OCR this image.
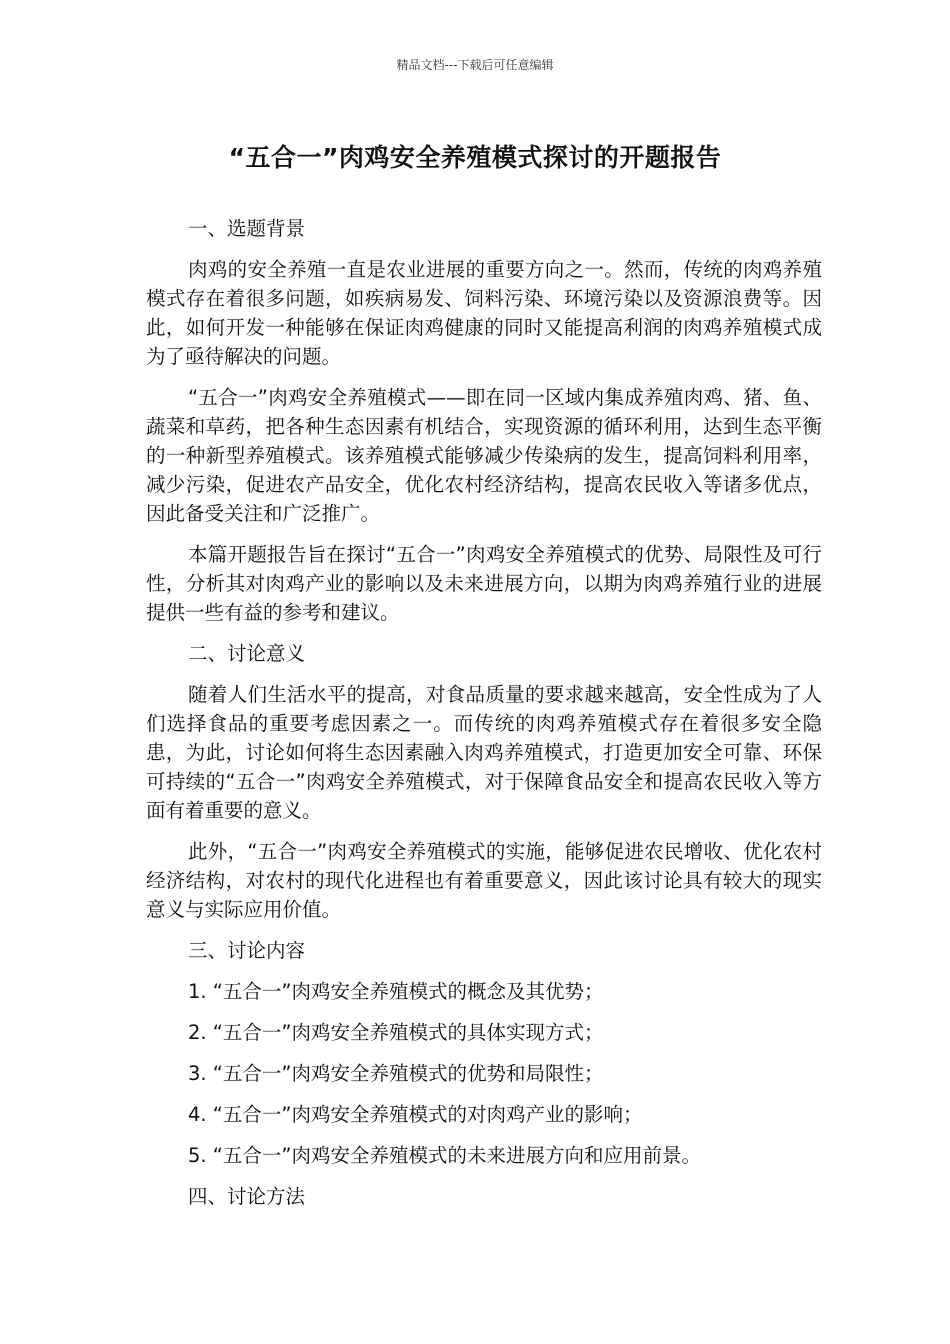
精品文档---下载后可任意编辑
“五合一”肉鸡安全养殖模式探讨的开题报告

一、选题背景

肉鸡的安全养殖一直是农业进展的重要方向之一。然而，传统的肉鸡养殖模式存在着很多问题，如疾病易发、饲料污染、环境污染以及资源浪费等。因此，如何开发一种能够在保证肉鸡健康的同时又能提高利润的肉鸡养殖模式成为了亟待解决的问题。

“五合一”肉鸡安全养殖模式——即在同一区域内集成养殖肉鸡、猪、鱼、蔬菜和草药，把各种生态因素有机结合，实现资源的循环利用，达到生态平衡的一种新型养殖模式。该养殖模式能够减少传染病的发生，提高饲料利用率，减少污染，促进农产品安全，优化农村经济结构，提高农民收入等诸多优点，因此备受关注和广泛推广。

本篇开题报告旨在探讨“五合一”肉鸡安全养殖模式的优势、局限性及可行性，分析其对肉鸡产业的影响以及未来进展方向，以期为肉鸡养殖行业的进展提供一些有益的参考和建议。

二、讨论意义

随着人们生活水平的提高，对食品质量的要求越来越高，安全性成为了人们选择食品的重要考虑因素之一。而传统的肉鸡养殖模式存在着很多安全隐患，为此，讨论如何将生态因素融入肉鸡养殖模式，打造更加安全可靠、环保可持续的“五合一”肉鸡安全养殖模式，对于保障食品安全和提高农民收入等方面有着重要的意义。

此外，“五合一”肉鸡安全养殖模式的实施，能够促进农民增收、优化农村经济结构，对农村的现代化进程也有着重要意义，因此该讨论具有较大的现实意义与实际应用价值。

三、讨论内容

1. “五合一”肉鸡安全养殖模式的概念及其优势；

2. “五合一”肉鸡安全养殖模式的具体实现方式；

3. “五合一”肉鸡安全养殖模式的优势和局限性；

4. “五合一”肉鸡安全养殖模式的对肉鸡产业的影响；

5. “五合一”肉鸡安全养殖模式的未来进展方向和应用前景。

四、讨论方法
